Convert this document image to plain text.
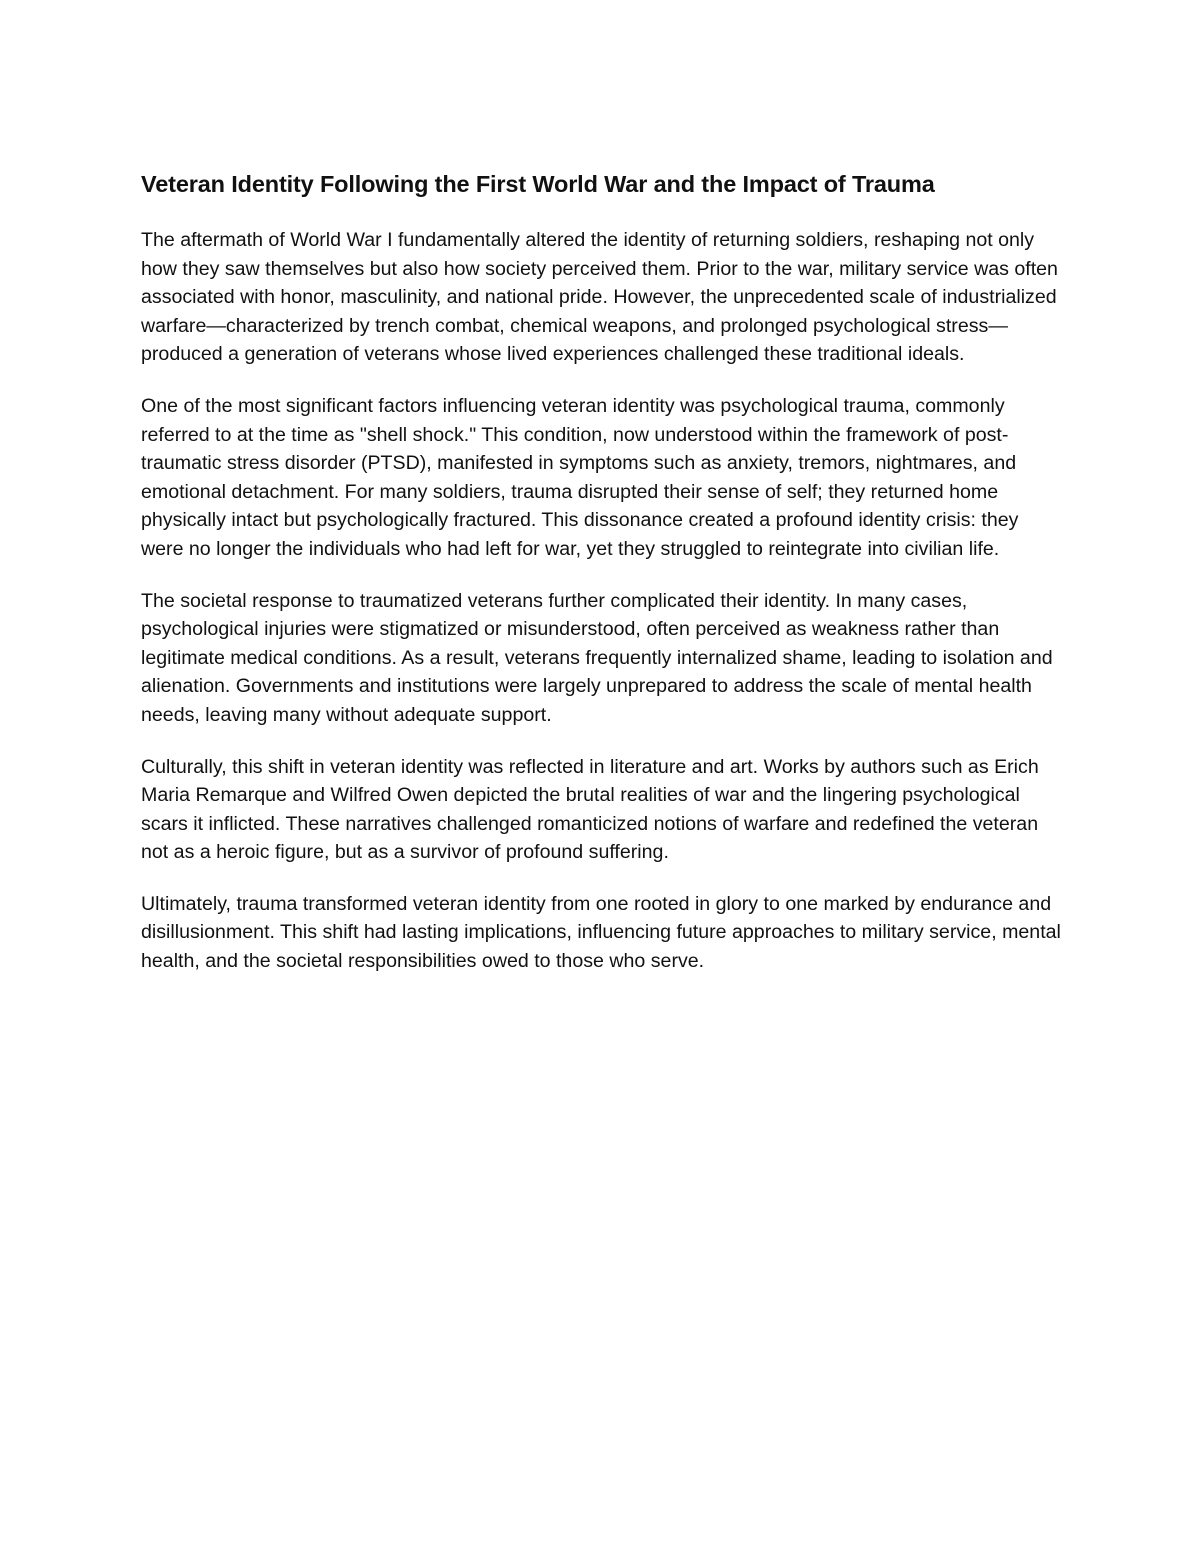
Veteran Identity Following the First World War and the Impact of Trauma

The aftermath of World War I fundamentally altered the identity of returning soldiers, reshaping not only how they saw themselves but also how society perceived them. Prior to the war, military service was often associated with honor, masculinity, and national pride. However, the unprecedented scale of industrialized warfare—characterized by trench combat, chemical weapons, and prolonged psychological stress—produced a generation of veterans whose lived experiences challenged these traditional ideals.

One of the most significant factors influencing veteran identity was psychological trauma, commonly referred to at the time as "shell shock." This condition, now understood within the framework of post-traumatic stress disorder (PTSD), manifested in symptoms such as anxiety, tremors, nightmares, and emotional detachment. For many soldiers, trauma disrupted their sense of self; they returned home physically intact but psychologically fractured. This dissonance created a profound identity crisis: they were no longer the individuals who had left for war, yet they struggled to reintegrate into civilian life.

The societal response to traumatized veterans further complicated their identity. In many cases, psychological injuries were stigmatized or misunderstood, often perceived as weakness rather than legitimate medical conditions. As a result, veterans frequently internalized shame, leading to isolation and alienation. Governments and institutions were largely unprepared to address the scale of mental health needs, leaving many without adequate support.

Culturally, this shift in veteran identity was reflected in literature and art. Works by authors such as Erich Maria Remarque and Wilfred Owen depicted the brutal realities of war and the lingering psychological scars it inflicted. These narratives challenged romanticized notions of warfare and redefined the veteran not as a heroic figure, but as a survivor of profound suffering.

Ultimately, trauma transformed veteran identity from one rooted in glory to one marked by endurance and disillusionment. This shift had lasting implications, influencing future approaches to military service, mental health, and the societal responsibilities owed to those who serve.
